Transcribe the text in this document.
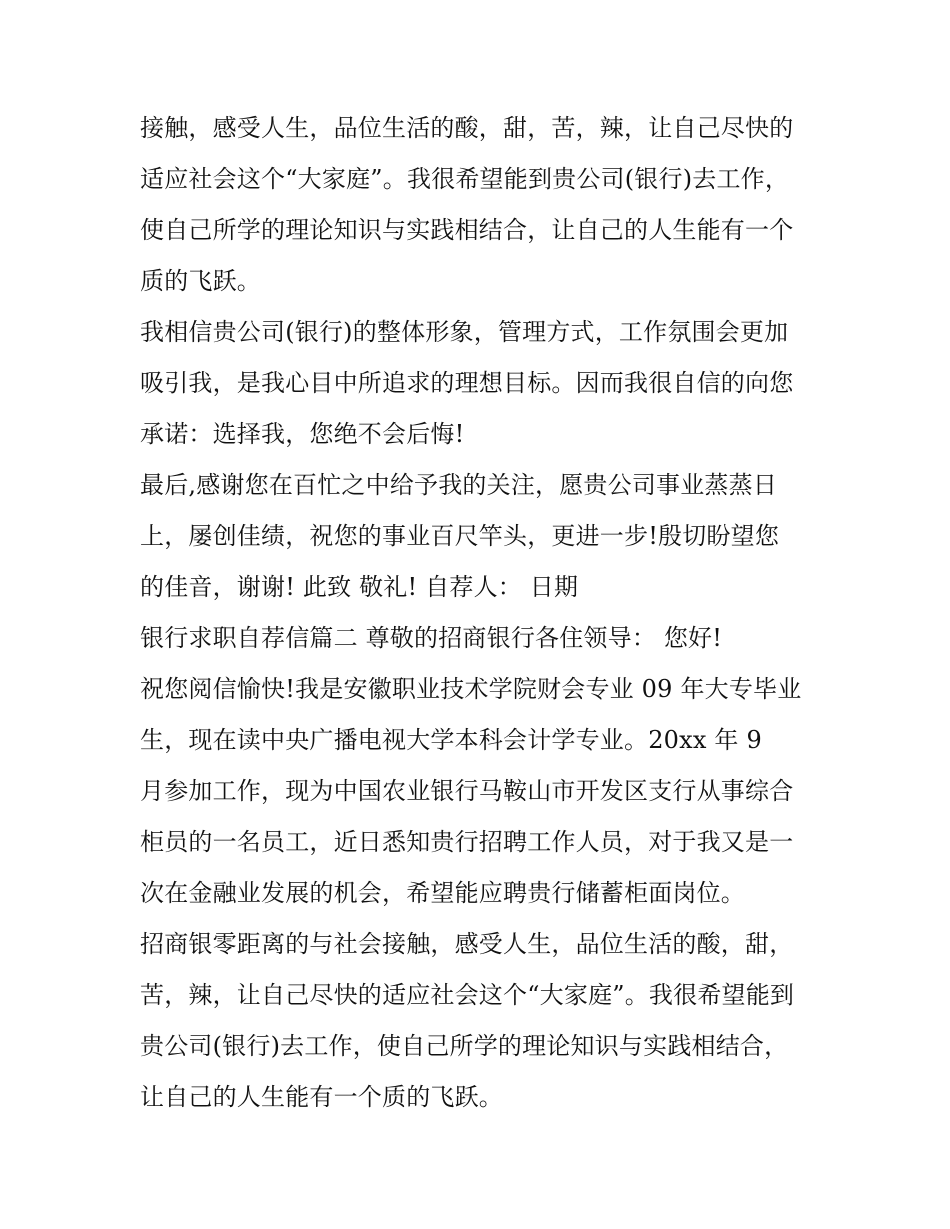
接触，感受人生，品位生活的酸，甜，苦，辣，让自己尽快的
适应社会这个“大家庭”。我很希望能到贵公司(银行)去工作，
使自己所学的理论知识与实践相结合，让自己的人生能有一个
质的飞跃。
我相信贵公司(银行)的整体形象，管理方式，工作氛围会更加
吸引我，是我心目中所追求的理想目标。因而我很自信的向您
承诺：选择我，您绝不会后悔!
最后,感谢您在百忙之中给予我的关注，愿贵公司事业蒸蒸日
上，屡创佳绩，祝您的事业百尺竿头，更进一步!殷切盼望您
的佳音，谢谢! 此致 敬礼! 自荐人： 日期
银行求职自荐信篇二 尊敬的招商银行各住领导： 您好!
祝您阅信愉快!我是安徽职业技术学院财会专业 09 年大专毕业
生，现在读中央广播电视大学本科会计学专业。20xx 年 9
月参加工作，现为中国农业银行马鞍山市开发区支行从事综合
柜员的一名员工，近日悉知贵行招聘工作人员，对于我又是一
次在金融业发展的机会，希望能应聘贵行储蓄柜面岗位。
招商银零距离的与社会接触，感受人生，品位生活的酸，甜，
苦，辣，让自己尽快的适应社会这个“大家庭”。我很希望能到
贵公司(银行)去工作，使自己所学的理论知识与实践相结合，
让自己的人生能有一个质的飞跃。
